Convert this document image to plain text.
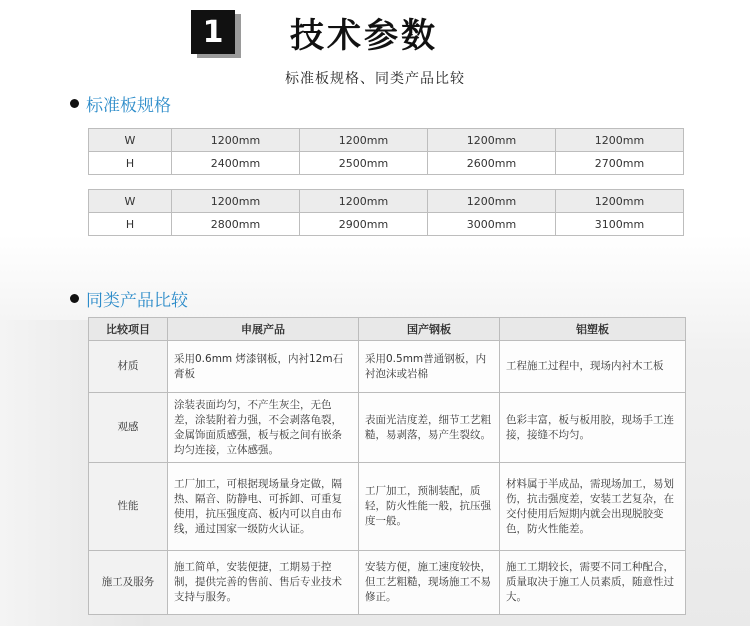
1	技术参数
标准板规格、同类产品比较
标准板规格
W	1200mm	1200mm	1200mm	1200mm
H	2400mm	2500mm	2600mm	2700mm
W	1200mm	1200mm	1200mm	1200mm
H	2800mm	2900mm	3000mm	3100mm
同类产品比较
比较项目	申展产品	国产钢板	铝塑板
材质	采用0.6mm 烤漆钢板，内衬12m石膏板	采用0.5mm普通钢板，内衬泡沫或岩棉	工程施工过程中，现场内衬木工板
观感	涂装表面均匀，不产生灰尘，无色差，涂装附着力强，不会剥落龟裂，金属饰面质感强，板与板之间有嵌条均匀连接，立体感强。	表面光洁度差，细节工艺粗糙，易剥落，易产生裂纹。	色彩丰富，板与板用胶，现场手工连接，接缝不均匀。
性能	工厂加工，可根据现场量身定做，隔热、隔音、防静电、可拆卸、可重复使用，抗压强度高、板内可以自由布线，通过国家一级防火认证。	工厂加工，预制装配，质轻，防火性能一般，抗压强度一般。	材料属于半成品，需现场加工，易划伤，抗击强度差，安装工艺复杂，在交付使用后短期内就会出现脱胶变色，防火性能差。
施工及服务	施工简单，安装便捷，工期易于控制，提供完善的售前、售后专业技术支持与服务。	安装方便，施工速度较快，但工艺粗糙，现场施工不易修正。	施工工期较长，需要不同工种配合，质量取决于施工人员素质，随意性过大。
